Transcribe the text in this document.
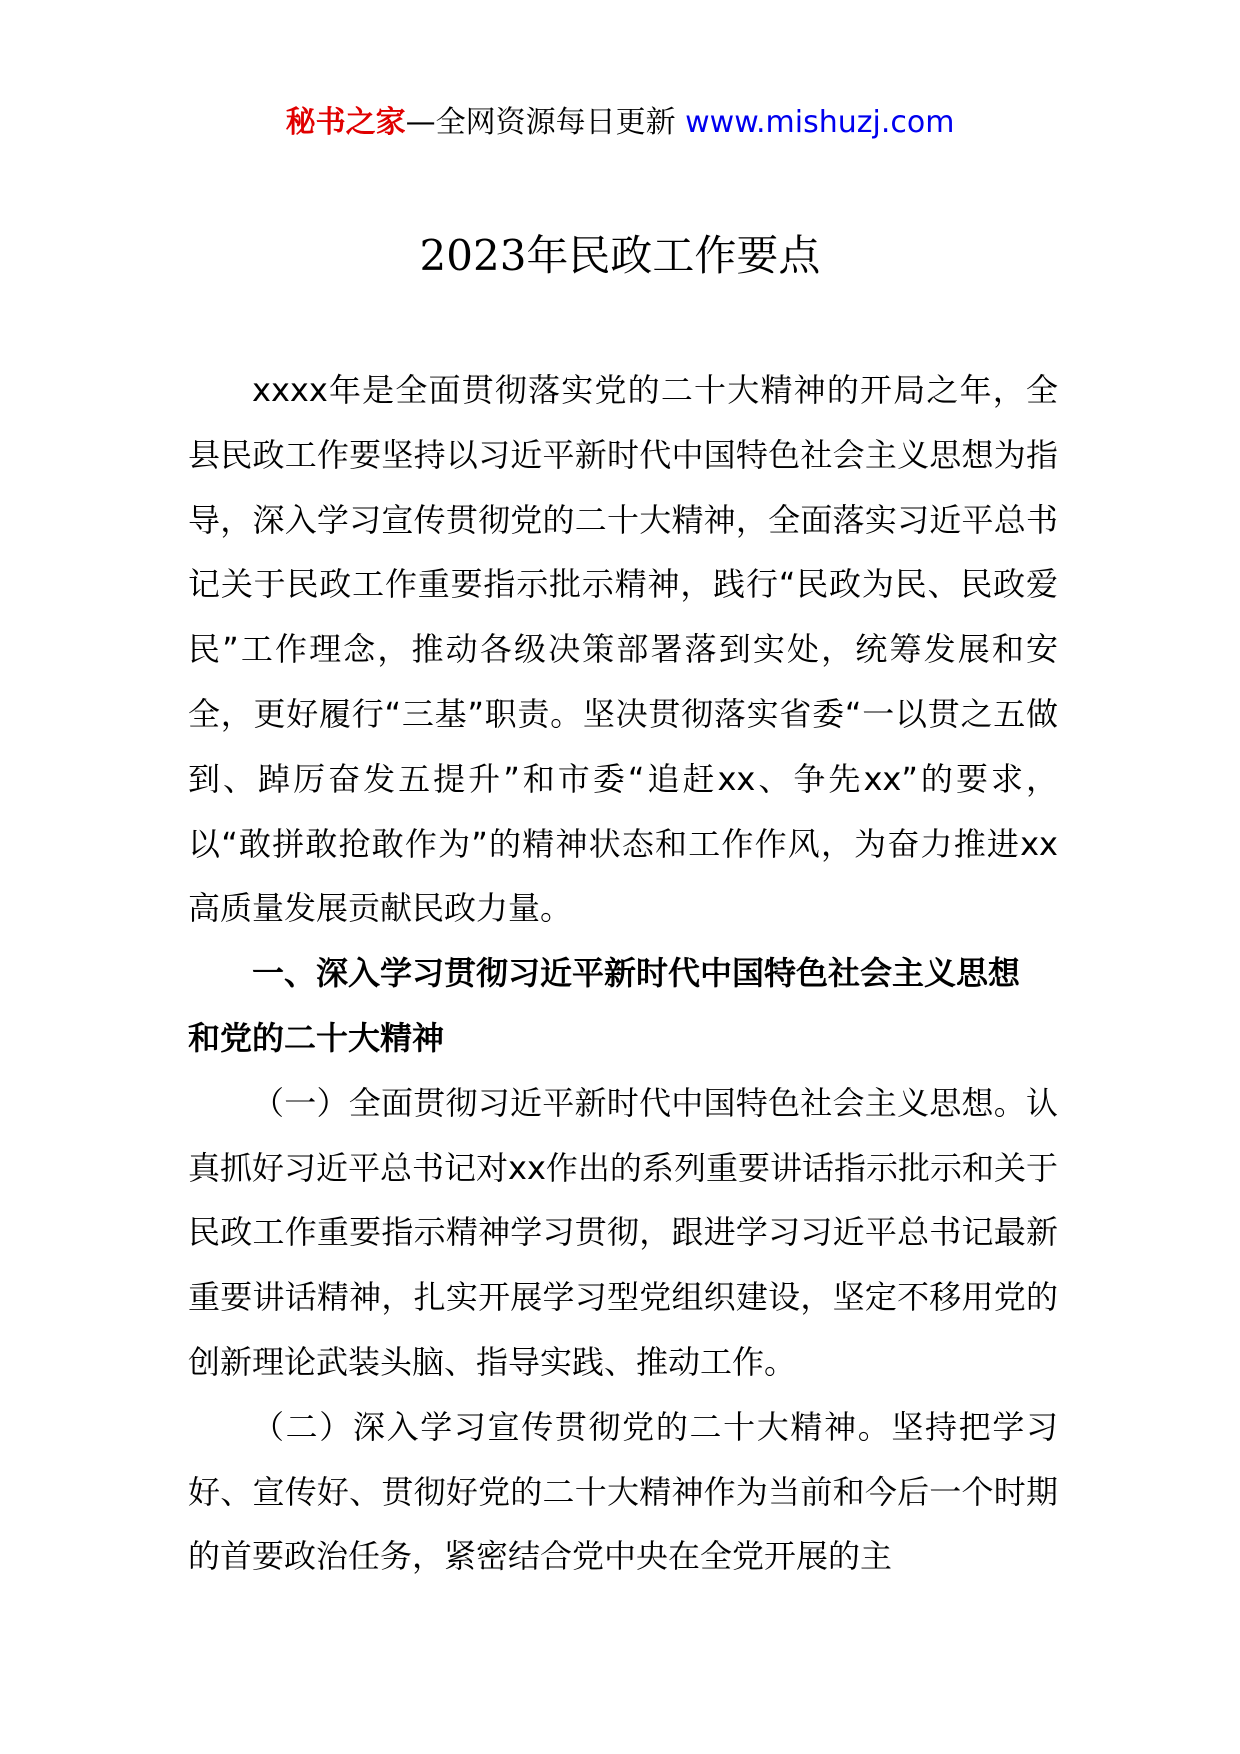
秘书之家—全网资源每日更新 www.mishuzj.com
2023年民政工作要点

xxxx年是全面贯彻落实党的二十大精神的开局之年，全县民政工作要坚持以习近平新时代中国特色社会主义思想为指导，深入学习宣传贯彻党的二十大精神，全面落实习近平总书记关于民政工作重要指示批示精神，践行“民政为民、民政爱民”工作理念，推动各级决策部署落到实处，统筹发展和安全，更好履行“三基”职责。坚决贯彻落实省委“一以贯之五做到、踔厉奋发五提升”和市委“追赶xx、争先xx”的要求，以“敢拼敢抢敢作为”的精神状态和工作作风，为奋力推进xx高质量发展贡献民政力量。

一、深入学习贯彻习近平新时代中国特色社会主义思想和党的二十大精神

（一）全面贯彻习近平新时代中国特色社会主义思想。认真抓好习近平总书记对xx作出的系列重要讲话指示批示和关于民政工作重要指示精神学习贯彻，跟进学习习近平总书记最新重要讲话精神，扎实开展学习型党组织建设，坚定不移用党的创新理论武装头脑、指导实践、推动工作。

（二）深入学习宣传贯彻党的二十大精神。坚持把学习好、宣传好、贯彻好党的二十大精神作为当前和今后一个时期的首要政治任务，紧密结合党中央在全党开展的主
